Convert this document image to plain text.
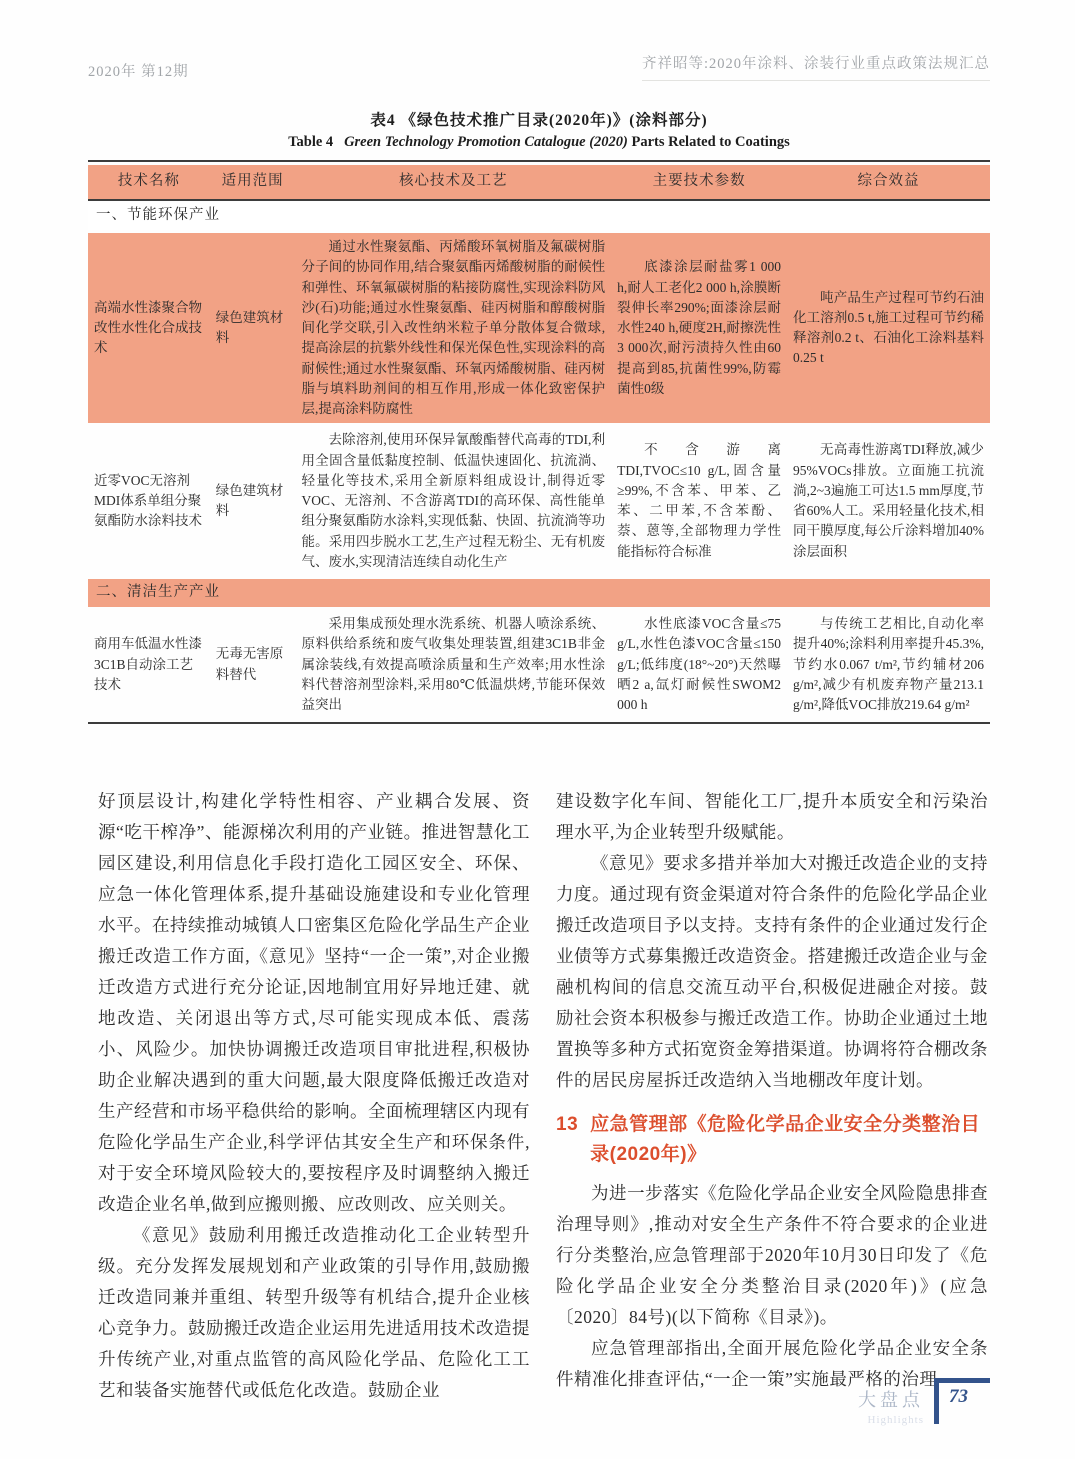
2020年 第12期	齐祥昭等:2020年涂料、涂装行业重点政策法规汇总
表4 《绿色技术推广目录(2020年)》(涂料部分)
Table 4 Green Technology Promotion Catalogue (2020) Parts Related to Coatings
技术名称	适用范围	核心技术及工艺	主要技术参数	综合效益
一、节能环保产业				
高端水性漆聚合物改性水性化合成技术	绿色建筑材料	通过水性聚氨酯、丙烯酸环氧树脂及氟碳树脂分子间的协同作用,结合聚氨酯丙烯酸树脂的耐候性和弹性、环氧氟碳树脂的粘接防腐性,实现涂料防风沙(石)功能;通过水性聚氨酯、硅丙树脂和醇酸树脂间化学交联,引入改性纳米粒子单分散体复合微球,提高涂层的抗紫外线性和保光保色性,实现涂料的高耐候性;通过水性聚氨酯、环氧丙烯酸树脂、硅丙树脂与填料助剂间的相互作用,形成一体化致密保护层,提高涂料防腐性	底漆涂层耐盐雾1 000 h,耐人工老化2 000 h,涂膜断裂伸长率290%;面漆涂层耐水性240 h,硬度2H,耐擦洗性3 000次,耐污渍持久性由60提高到85,抗菌性99%,防霉菌性0级	吨产品生产过程可节约石油化工溶剂0.5 t,施工过程可节约稀释溶剂0.2 t、石油化工涂料基料0.25 t
近零VOC无溶剂MDI体系单组分聚氨酯防水涂料技术	绿色建筑材料	去除溶剂,使用环保异氰酸酯替代高毒的TDI,利用全固含量低黏度控制、低温快速固化、抗流淌、轻量化等技术,采用全新原料组成设计,制得近零VOC、无溶剂、不含游离TDI的高环保、高性能单组分聚氨酯防水涂料,实现低黏、快固、抗流淌等功能。采用四步脱水工艺,生产过程无粉尘、无有机废气、废水,实现清洁连续自动化生产	不含游离TDI,TVOC≤10 g/L,固含量≥99%,不含苯、甲苯、乙苯、二甲苯,不含苯酚、萘、蒽等,全部物理力学性能指标符合标准	无高毒性游离TDI释放,减少95%VOCs排放。立面施工抗流淌,2~3遍施工可达1.5 mm厚度,节省60%人工。采用轻量化技术,相同干膜厚度,每公斤涂料增加40%涂层面积
二、清洁生产产业				
商用车低温水性漆3C1B自动涂工艺技术	无毒无害原料替代	采用集成预处理水洗系统、机器人喷涂系统、原料供给系统和废气收集处理装置,组建3C1B非金属涂装线,有效提高喷涂质量和生产效率;用水性涂料代替溶剂型涂料,采用80℃低温烘烤,节能环保效益突出	水性底漆VOC含量≤75 g/L,水性色漆VOC含量≤150 g/L;低纬度(18°~20°)天然曝晒2 a,氙灯耐候性SWOM2 000 h	与传统工艺相比,自动化率提升40%;涂料利用率提升45.3%,节约水0.067 t/m²,节约辅材206 g/m²,减少有机废弃物产量213.1 g/m²,降低VOC排放219.64 g/m²

好顶层设计,构建化学特性相容、产业耦合发展、资源“吃干榨净”、能源梯次利用的产业链。推进智慧化工园区建设,利用信息化手段打造化工园区安全、环保、应急一体化管理体系,提升基础设施建设和专业化管理水平。在持续推动城镇人口密集区危险化学品生产企业搬迁改造工作方面,《意见》坚持“一企一策”,对企业搬迁改造方式进行充分论证,因地制宜用好异地迁建、就地改造、关闭退出等方式,尽可能实现成本低、震荡小、风险少。加快协调搬迁改造项目审批进程,积极协助企业解决遇到的重大问题,最大限度降低搬迁改造对生产经营和市场平稳供给的影响。全面梳理辖区内现有危险化学品生产企业,科学评估其安全生产和环保条件,对于安全环境风险较大的,要按程序及时调整纳入搬迁改造企业名单,做到应搬则搬、应改则改、应关则关。

《意见》鼓励利用搬迁改造推动化工企业转型升级。充分发挥发展规划和产业政策的引导作用,鼓励搬迁改造同兼并重组、转型升级等有机结合,提升企业核心竞争力。鼓励搬迁改造企业运用先进适用技术改造提升传统产业,对重点监管的高风险化学品、危险化工工艺和装备实施替代或低危化改造。鼓励企业

建设数字化车间、智能化工厂,提升本质安全和污染治理水平,为企业转型升级赋能。

《意见》要求多措并举加大对搬迁改造企业的支持力度。通过现有资金渠道对符合条件的危险化学品企业搬迁改造项目予以支持。支持有条件的企业通过发行企业债等方式募集搬迁改造资金。搭建搬迁改造企业与金融机构间的信息交流互动平台,积极促进融企对接。鼓励社会资本积极参与搬迁改造工作。协助企业通过土地置换等多种方式拓宽资金筹措渠道。协调将符合棚改条件的居民房屋拆迁改造纳入当地棚改年度计划。

13 应急管理部《危险化学品企业安全分类整治目录(2020年)》

为进一步落实《危险化学品企业安全风险隐患排查治理导则》,推动对安全生产条件不符合要求的企业进行分类整治,应急管理部于2020年10月30日印发了《危险化学品企业安全分类整治目录(2020年)》(应急〔2020〕84号)(以下简称《目录》)。

应急管理部指出,全面开展危险化学品企业安全条件精准化排查评估,“一企一策”实施最严格的治理

大盘点
Highlights
73
